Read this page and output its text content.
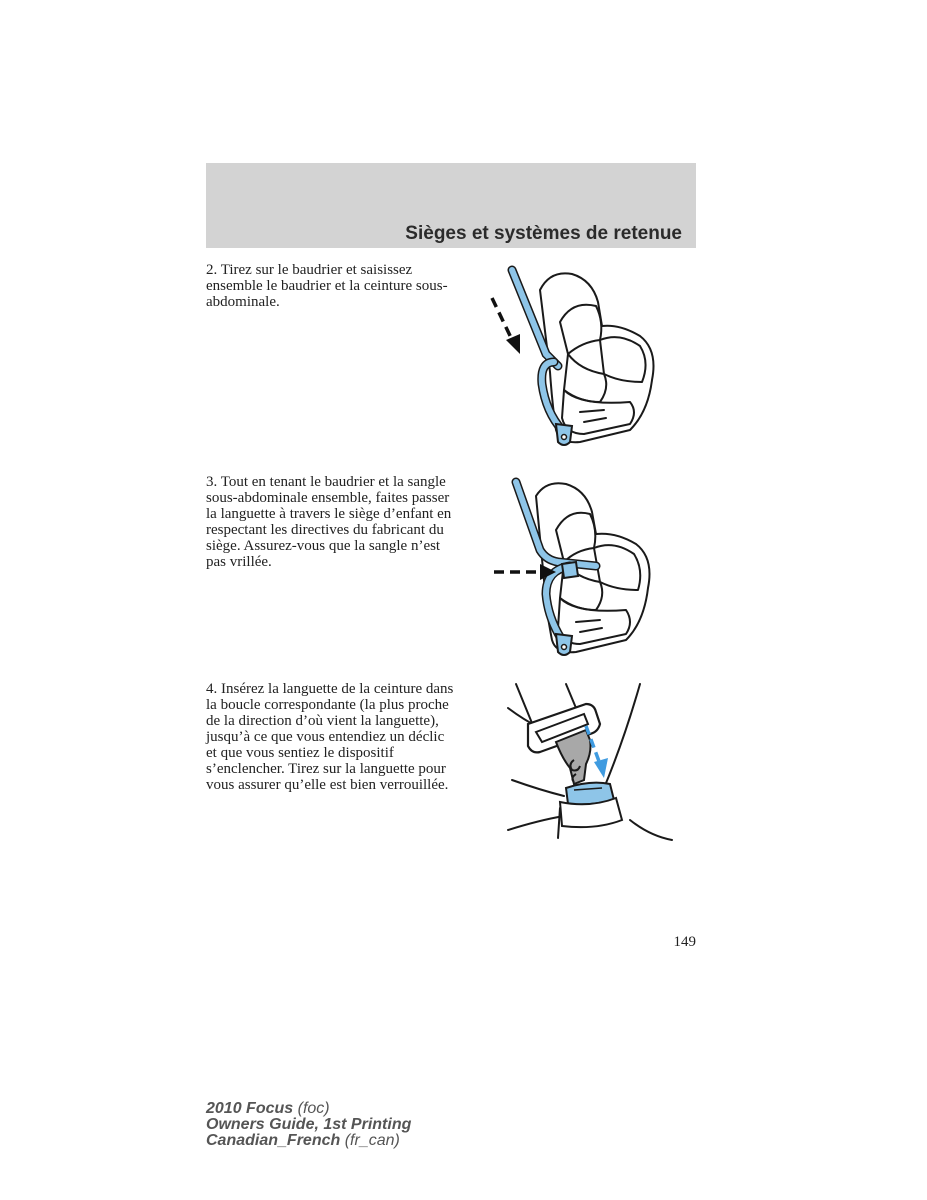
Sièges et systèmes de retenue

2. Tirez sur le baudrier et saisissez ensemble le baudrier et la ceinture sous-abdominale.

3. Tout en tenant le baudrier et la sangle sous-abdominale ensemble, faites passer la languette à travers le siège d’enfant en respectant les directives du fabricant du siège. Assurez-vous que la sangle n’est pas vrillée.

4. Insérez la languette de la ceinture dans la boucle correspondante (la plus proche de la direction d’où vient la languette), jusqu’à ce que vous entendiez un déclic et que vous sentiez le dispositif s’enclencher. Tirez sur la languette pour vous assurer qu’elle est bien verrouillée.

149
2010 Focus (foc)
Owners Guide, 1st Printing
Canadian_French (fr_can)
